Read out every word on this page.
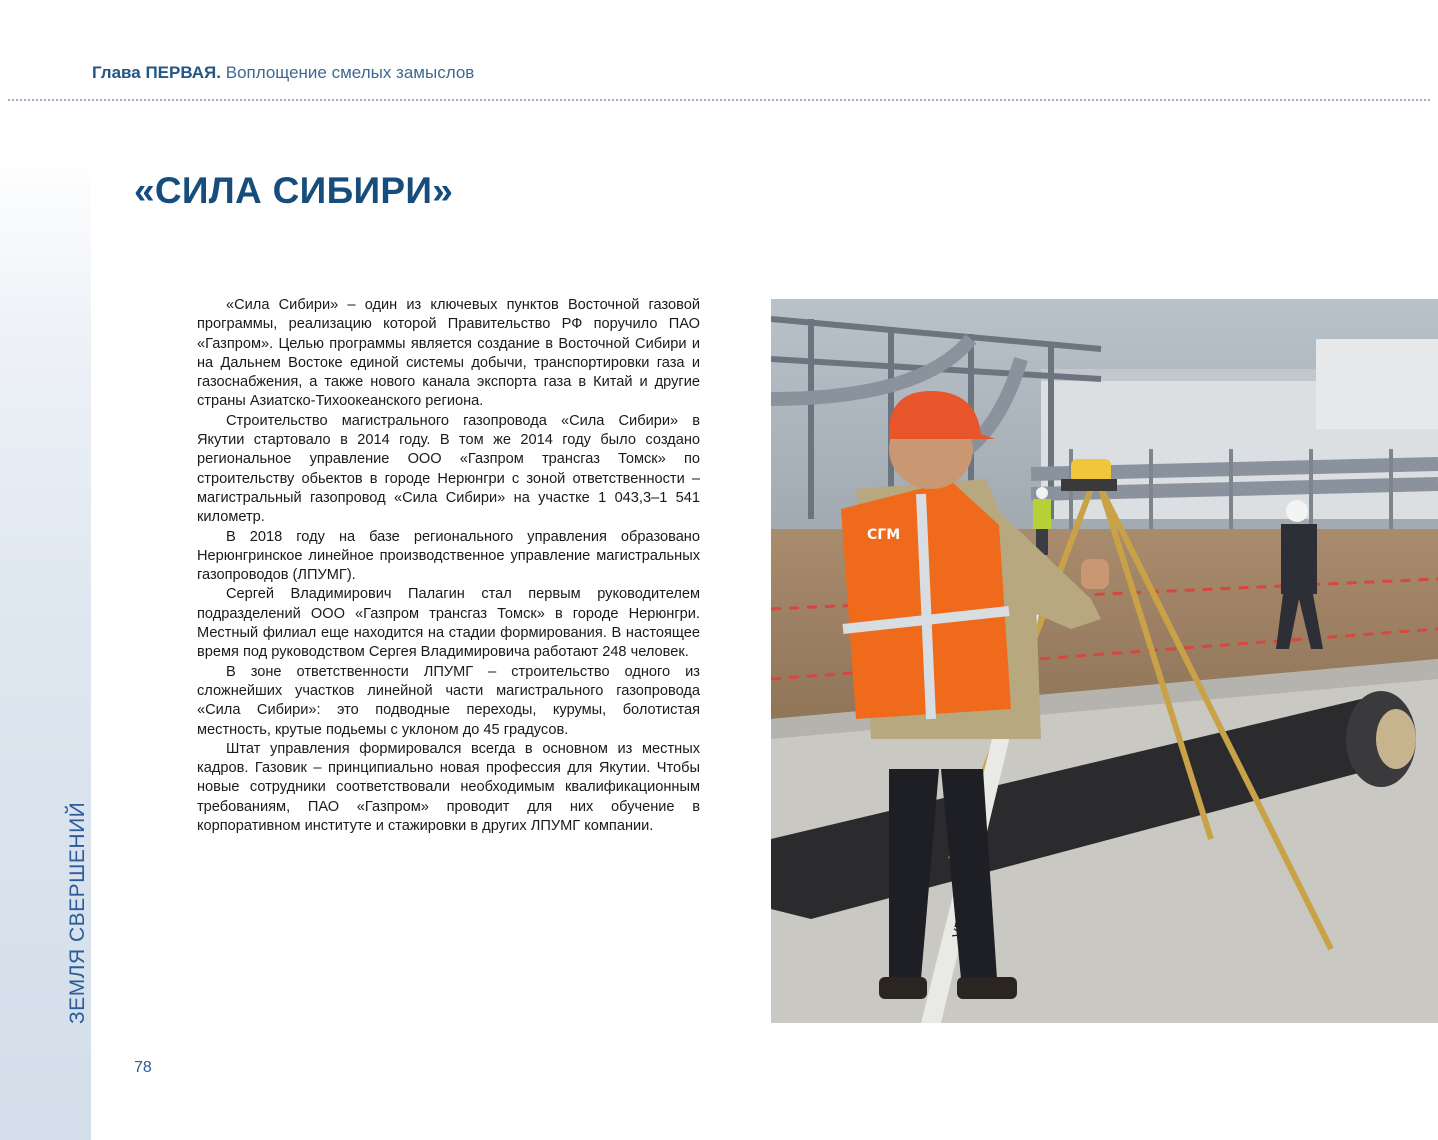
ЗЕМЛЯ СВЕРШЕНИЙ
Глава ПЕРВАЯ. Воплощение смелых замыслов
«СИЛА СИБИРИ»

«Сила Сибири» – один из ключевых пунктов Восточной газовой программы, реализацию которой Правительство РФ поручило ПАО «Газпром». Целью программы является создание в Восточной Сибири и на Дальнем Востоке единой системы добычи, транспортировки газа и газоснабжения, а также нового канала экспорта газа в Китай и другие страны Азиатско-Тихоокеанского региона.

Строительство магистрального газопровода «Сила Сибири» в Якутии стартовало в 2014 году. В том же 2014 году было создано региональное управление ООО «Газпром трансгаз Томск» по строительству обьектов в городе Нерюнгри с зоной ответственности – магистральный газопровод «Сила Сибири» на участке 1 043,3–1 541 километр.

В 2018 году на базе регионального управления образовано Нерюнгринское линейное производственное управление магистральных газопроводов (ЛПУМГ).

Сергей Владимирович Палагин стал первым руководителем подразделений ООО «Газпром трансгаз Томск» в городе Нерюнгри. Местный филиал еще находится на стадии формирования. В настоящее время под руководством Сергея Владимировича работают 248 человек.

В зоне ответственности ЛПУМГ – строительство одного из сложнейших участков линейной части магистрального газопровода «Сила Сибири»: это подводные переходы, курумы, болотистая местность, крутые подьемы с уклоном до 45 градусов.

Штат управления формировался всегда в основном из местных кадров. Газовик – принципиально новая профессия для Якутии. Чтобы новые сотрудники соответствовали необходимым квалификационным требованиям, ПАО «Газпром» проводит для них обучение в корпоративном институте и стажировки в других ЛПУМГ компании.

СГМ
78
